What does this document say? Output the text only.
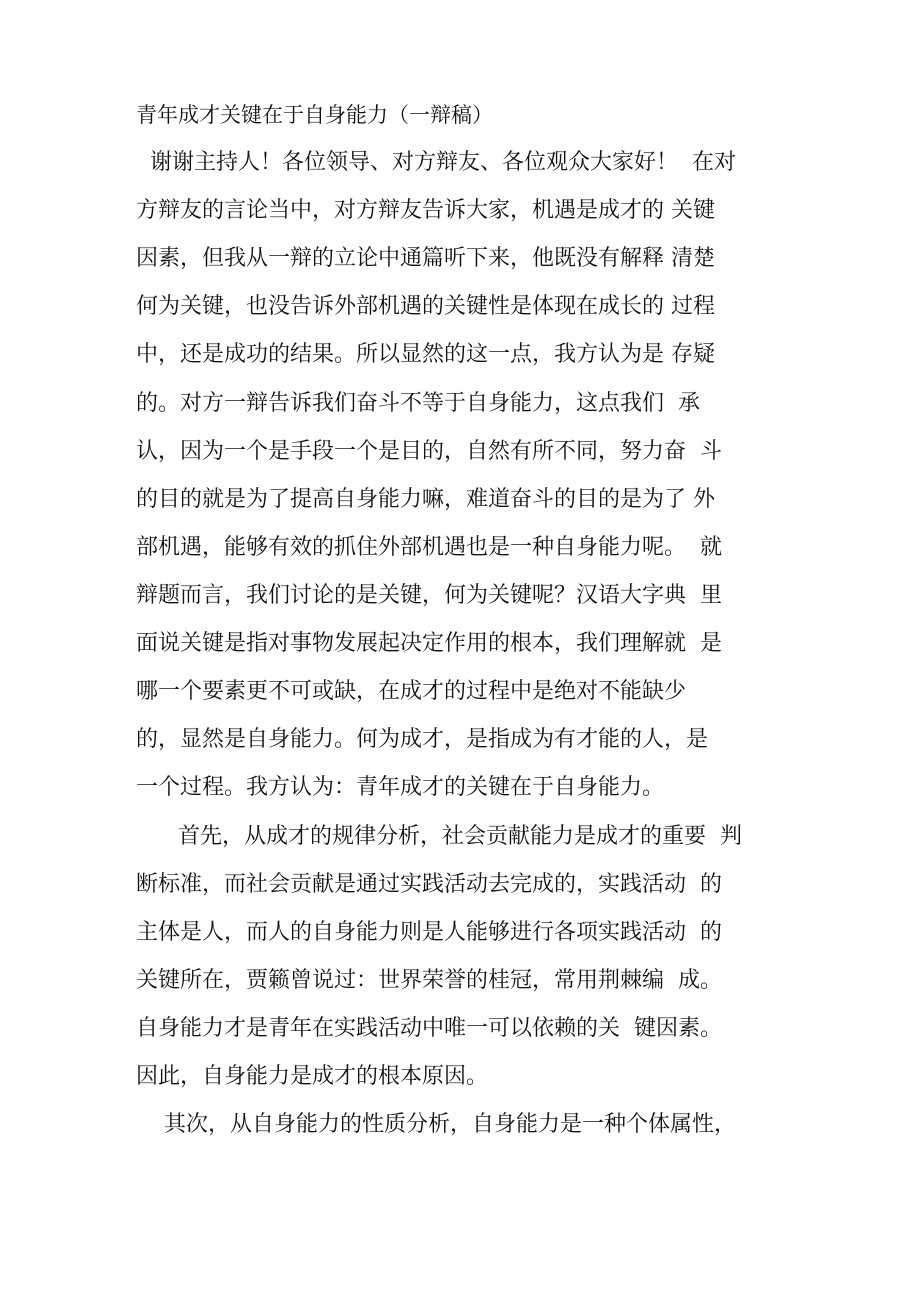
青年成才关键在于自身能力（一辩稿）

谢谢主持人！各位领导、对方辩友、各位观众大家好！  在对

方辩友的言论当中，对方辩友告诉大家，机遇是成才的 关键

因素，但我从一辩的立论中通篇听下来，他既没有解释 清楚

何为关键，也没告诉外部机遇的关键性是体现在成长的 过程

中，还是成功的结果。所以显然的这一点，我方认为是 存疑

的。对方一辩告诉我们奋斗不等于自身能力，这点我们  承

认，因为一个是手段一个是目的，自然有所不同，努力奋  斗

的目的就是为了提高自身能力嘛，难道奋斗的目的是为了 外

部机遇，能够有效的抓住外部机遇也是一种自身能力呢。  就

辩题而言，我们讨论的是关键，何为关键呢？汉语大字典  里

面说关键是指对事物发展起决定作用的根本，我们理解就  是

哪一个要素更不可或缺，在成才的过程中是绝对不能缺少

的，显然是自身能力。何为成才，是指成为有才能的人，是

一个过程。我方认为：青年成才的关键在于自身能力。

首先，从成才的规律分析，社会贡献能力是成才的重要  判

断标准，而社会贡献是通过实践活动去完成的，实践活动  的

主体是人，而人的自身能力则是人能够进行各项实践活动  的

关键所在，贾籁曾说过：世界荣誉的桂冠，常用荆棘编  成。

自身能力才是青年在实践活动中唯一可以依赖的关  键因素。

因此，自身能力是成才的根本原因。

其次，从自身能力的性质分析，自身能力是一种个体属性，
